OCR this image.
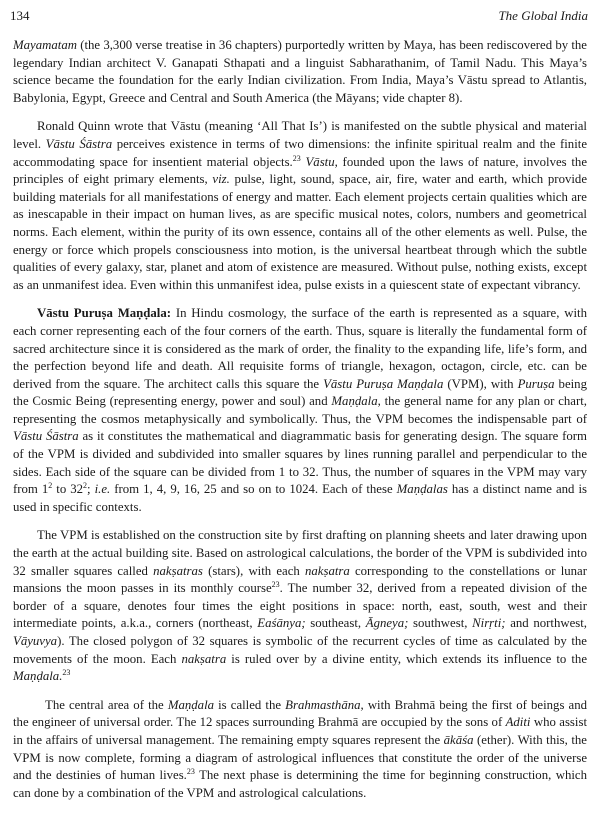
134	The Global India

Mayamatam (the 3,300 verse treatise in 36 chapters) purportedly written by Maya, has been rediscovered by the legendary Indian architect V. Ganapati Sthapati and a linguist Sabharathanim, of Tamil Nadu. This Maya’s science became the foundation for the early Indian civilization. From India, Maya’s Vāstu spread to Atlantis, Babylonia, Egypt, Greece and Central and South America (the Māyans; vide chapter 8).

Ronald Quinn wrote that Vāstu (meaning ‘All That Is’) is manifested on the subtle physical and material level. Vāstu Śāstra perceives existence in terms of two dimensions: the infinite spiritual realm and the finite accommodating space for insentient material objects.$^{23}$ Vāstu, founded upon the laws of nature, involves the principles of eight primary elements, viz. pulse, light, sound, space, air, fire, water and earth, which provide building materials for all manifestations of energy and matter. Each element projects certain qualities which are as inescapable in their impact on human lives, as are specific musical notes, colors, numbers and geometrical norms. Each element, within the purity of its own essence, contains all of the other elements as well. Pulse, the energy or force which propels consciousness into motion, is the universal heartbeat through which the subtle qualities of every galaxy, star, planet and atom of existence are measured. Without pulse, nothing exists, except as an unmanifest idea. Even within this unmanifest idea, pulse exists in a quiescent state of expectant vibrancy.

Vāstu Puruṣa Maṇḍala: In Hindu cosmology, the surface of the earth is represented as a square, with each corner representing each of the four corners of the earth. Thus, square is literally the fundamental form of sacred architecture since it is considered as the mark of order, the finality to the expanding life, life’s form, and the perfection beyond life and death. All requisite forms of triangle, hexagon, octagon, circle, etc. can be derived from the square. The architect calls this square the Vāstu Puruṣa Maṇḍala (VPM), with Puruṣa being the Cosmic Being (representing energy, power and soul) and Maṇḍala, the general name for any plan or chart, representing the cosmos metaphysically and symbolically. Thus, the VPM becomes the indispensable part of Vāstu Śāstra as it constitutes the mathematical and diagrammatic basis for generating design. The square form of the VPM is divided and subdivided into smaller squares by lines running parallel and perpendicular to the sides. Each side of the square can be divided from 1 to 32. Thus, the number of squares in the VPM may vary from $1^2$ to $32^2$; i.e. from 1, 4, 9, 16, 25 and so on to 1024. Each of these Maṇḍalas has a distinct name and is used in specific contexts.

The VPM is established on the construction site by first drafting on planning sheets and later drawing upon the earth at the actual building site. Based on astrological calculations, the border of the VPM is subdivided into 32 smaller squares called nakṣatras (stars), with each nakṣatra corresponding to the constellations or lunar mansions the moon passes in its monthly course$^{23}$. The number 32, derived from a repeated division of the border of a square, denotes four times the eight positions in space: north, east, south, west and their intermediate points, a.k.a., corners (northeast, Eaśānya; southeast, Āgneya; southwest, Nirṛti; and northwest, Vāyuvya). The closed polygon of 32 squares is symbolic of the recurrent cycles of time as calculated by the movements of the moon. Each nakṣatra is ruled over by a divine entity, which extends its influence to the Maṇḍala.$^{23}$

The central area of the Maṇḍala is called the Brahmasthāna, with Brahmā being the first of beings and the engineer of universal order. The 12 spaces surrounding Brahmā are occupied by the sons of Aditi who assist in the affairs of universal management. The remaining empty squares represent the ākāśa (ether). With this, the VPM is now complete, forming a diagram of astrological influences that constitute the order of the universe and the destinies of human lives.$^{23}$ The next phase is determining the time for beginning construction, which can done by a combination of the VPM and astrological calculations.
